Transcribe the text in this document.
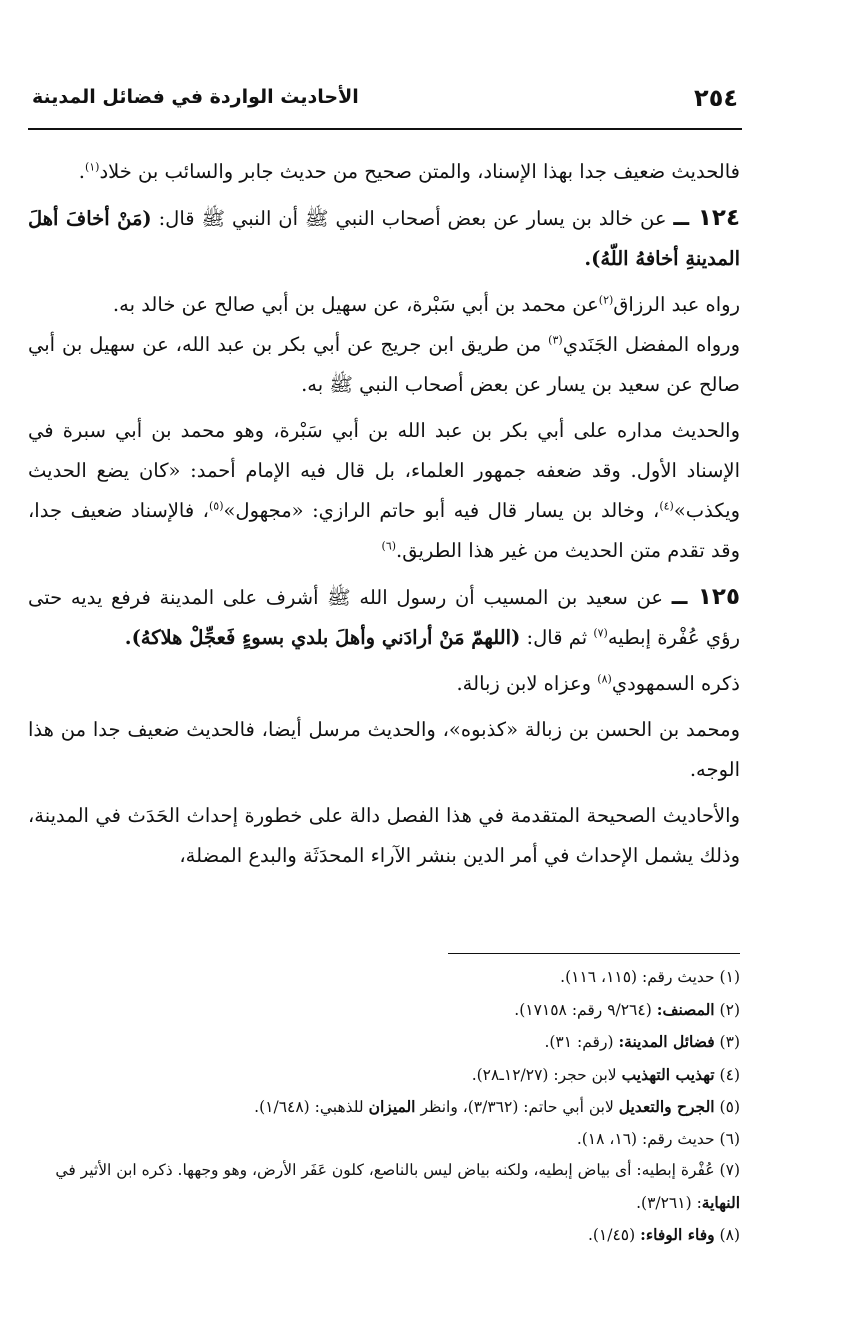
٢٥٤
الأحاديث الواردة في فضائل المدينة

فالحديث ضعيف جدا بهذا الإسناد، والمتن صحيح من حديث جابر والسائب بن خلاد$^{(١)}$.

١٢٤ ــ عن خالد بن يسار عن بعض أصحاب النبي ﷺ أن النبي ﷺ قال: (مَنْ أخافَ أهلَ المدينةِ أخافهُ اللّهُ).

رواه عبد الرزاق$^{(٢)}$عن محمد بن أبي سَبْرة، عن سهيل بن أبي صالح عن خالد به.
ورواه المفضل الجَنَدي$^{(٣)}$ من طريق ابن جريج عن أبي بكر بن عبد الله، عن سهيل بن أبي صالح عن سعيد بن يسار عن بعض أصحاب النبي ﷺ به.

والحديث مداره على أبي بكر بن عبد الله بن أبي سَبْرة، وهو محمد بن أبي سبرة في الإسناد الأول. وقد ضعفه جمهور العلماء، بل قال فيه الإمام أحمد: «كان يضع الحديث ويكذب»$^{(٤)}$، وخالد بن يسار قال فيه أبو حاتم الرازي: «مجهول»$^{(٥)}$، فالإسناد ضعيف جدا، وقد تقدم متن الحديث من غير هذا الطريق.$^{(٦)}$

١٢٥ ــ عن سعيد بن المسيب أن رسول الله ﷺ أشرف على المدينة فرفع يديه حتى رؤي عُفْرة إبطيه$^{(٧)}$ ثم قال: (اللهمّ مَنْ أرادَني وأهلَ بلدي بسوءٍ فَعجِّلْ هلاكهُ).

ذكره السمهودي$^{(٨)}$ وعزاه لابن زبالة.

ومحمد بن الحسن بن زبالة «كذبوه»، والحديث مرسل أيضا، فالحديث ضعيف جدا من هذا الوجه.

والأحاديث الصحيحة المتقدمة في هذا الفصل دالة على خطورة إحداث الحَدَث في المدينة، وذلك يشمل الإحداث في أمر الدين بنشر الآراء المحدَثَة والبدع المضلة،

(١) حديث رقم: (١١٥، ١١٦).

(٢) المصنف: (٩/٢٦٤ رقم: ١٧١٥٨).

(٣) فضائل المدينة: (رقم: ٣١).

(٤) تهذيب التهذيب لابن حجر: (١٢/٢٧ـ٢٨).

(٥) الجرح والتعديل لابن أبي حاتم: (٣/٣٦٢)، وانظر الميزان للذهبي: (١/٦٤٨).

(٦) حديث رقم: (١٦، ١٨).

(٧) عُفْرة إبطيه: أى بياض إبطيه، ولكنه بياض ليس بالناصع، كلون عَفَر الأرض، وهو وجهها. ذكره ابن الأثير في النهاية: (٣/٢٦١).

(٨) وفاء الوفاء: (١/٤٥).
